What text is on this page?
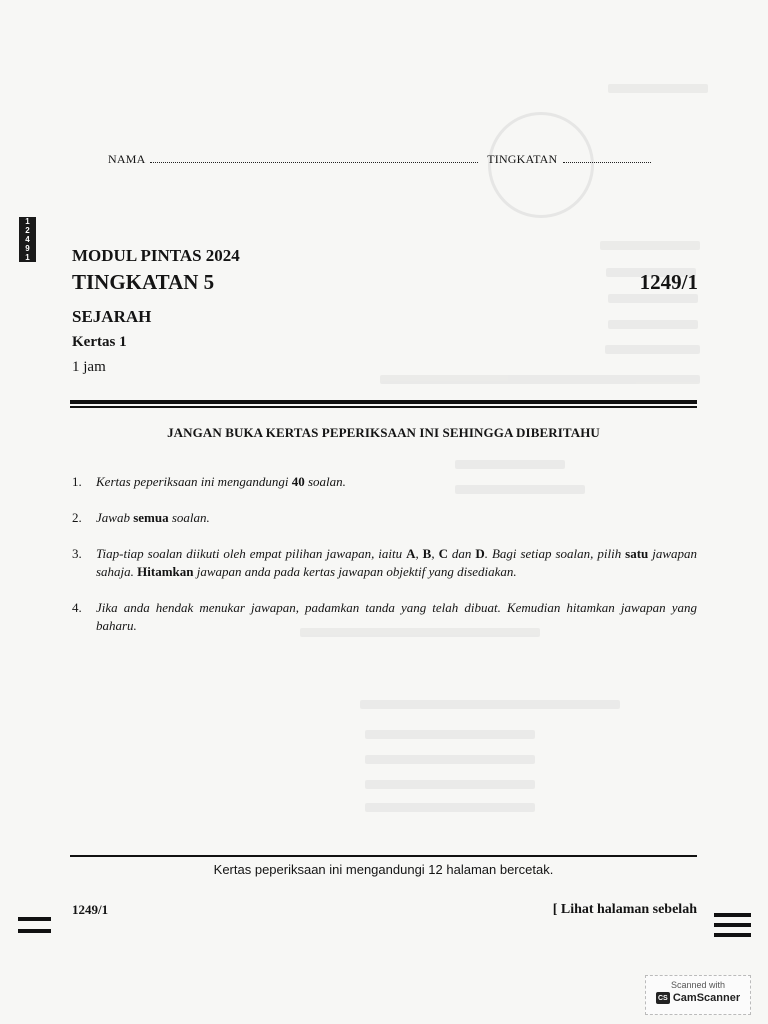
NAMA	TINGKATAN
1
2
4
9
1	MODUL PINTAS 2024
TINGKATAN 5	1249/1
SEJARAH
Kertas 1
1 jam
JANGAN BUKA KERTAS PEPERIKSAAN INI SEHINGGA DIBERITAHU
1.	Kertas peperiksaan ini mengandungi 40 soalan.
2.	Jawab semua soalan.
3.	Tiap-tiap soalan diikuti oleh empat pilihan jawapan, iaitu A, B, C dan D. Bagi setiap soalan, pilih satu jawapan sahaja. Hitamkan jawapan anda pada kertas jawapan objektif yang disediakan.
4.	Jika anda hendak menukar jawapan, padamkan tanda yang telah dibuat. Kemudian hitamkan jawapan yang baharu.
Kertas peperiksaan ini mengandungi 12 halaman bercetak.
1249/1	[ Lihat halaman sebelah
Scanned with
CS CamScanner
